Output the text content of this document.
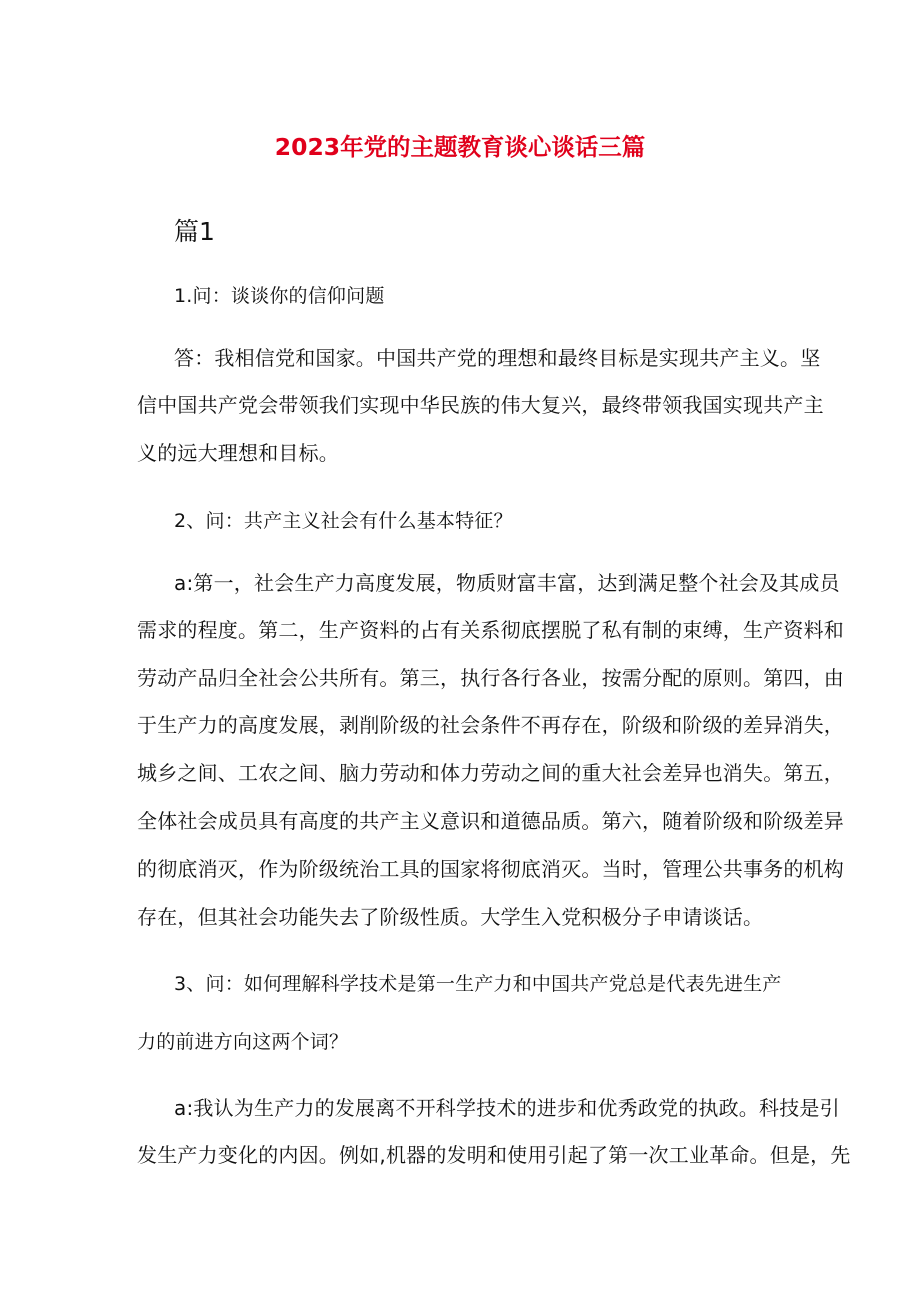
2023年党的主题教育谈心谈话三篇
篇1
1.问：谈谈你的信仰问题
答：我相信党和国家。中国共产党的理想和最终目标是实现共产主义。坚
信中国共产党会带领我们实现中华民族的伟大复兴，最终带领我国实现共产主
义的远大理想和目标。
2、问：共产主义社会有什么基本特征？
a:第一，社会生产力高度发展，物质财富丰富，达到满足整个社会及其成员
需求的程度。第二，生产资料的占有关系彻底摆脱了私有制的束缚，生产资料和
劳动产品归全社会公共所有。第三，执行各行各业，按需分配的原则。第四，由
于生产力的高度发展，剥削阶级的社会条件不再存在，阶级和阶级的差异消失，
城乡之间、工农之间、脑力劳动和体力劳动之间的重大社会差异也消失。第五，
全体社会成员具有高度的共产主义意识和道德品质。第六，随着阶级和阶级差异
的彻底消灭，作为阶级统治工具的国家将彻底消灭。当时，管理公共事务的机构
存在，但其社会功能失去了阶级性质。大学生入党积极分子申请谈话。
3、问：如何理解科学技术是第一生产力和中国共产党总是代表先进生产
力的前进方向这两个词？
a:我认为生产力的发展离不开科学技术的进步和优秀政党的执政。科技是引
发生产力变化的内因。例如,机器的发明和使用引起了第一次工业革命。但是，先
